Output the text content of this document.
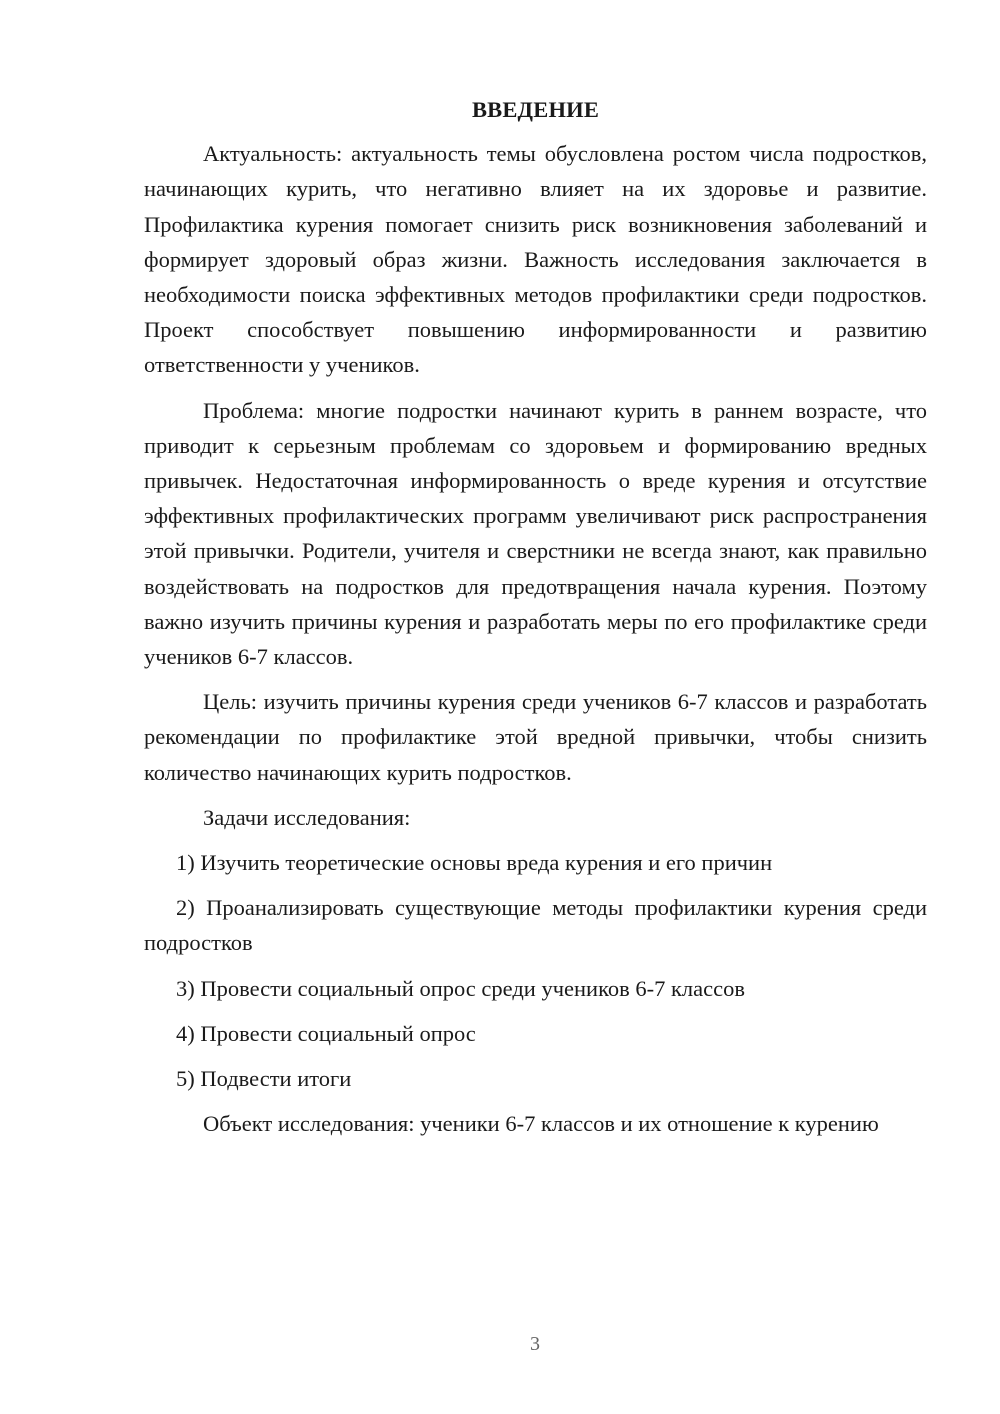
ВВЕДЕНИЕ

Актуальность: актуальность темы обусловлена ростом числа подростков, начинающих курить, что негативно влияет на их здоровье и развитие. Профилактика курения помогает снизить риск возникновения заболеваний и формирует здоровый образ жизни. Важность исследования заключается в необходимости поиска эффективных методов профилактики среди подростков. Проект способствует повышению информированности и развитию ответственности у учеников.

Проблема: многие подростки начинают курить в раннем возрасте, что приводит к серьезным проблемам со здоровьем и формированию вредных привычек. Недостаточная информированность о вреде курения и отсутствие эффективных профилактических программ увеличивают риск распространения этой привычки. Родители, учителя и сверстники не всегда знают, как правильно воздействовать на подростков для предотвращения начала курения. Поэтому важно изучить причины курения и разработать меры по его профилактике среди учеников 6-7 классов.

Цель: изучить причины курения среди учеников 6-7 классов и разработать рекомендации по профилактике этой вредной привычки, чтобы снизить количество начинающих курить подростков.

Задачи исследования:

1) Изучить теоретические основы вреда курения и его причин

2) Проанализировать существующие методы профилактики курения среди подростков

3) Провести социальный опрос среди учеников 6-7 классов

4) Провести социальный опрос

5) Подвести итоги

Объект исследования: ученики 6-7 классов и их отношение к курению

3
